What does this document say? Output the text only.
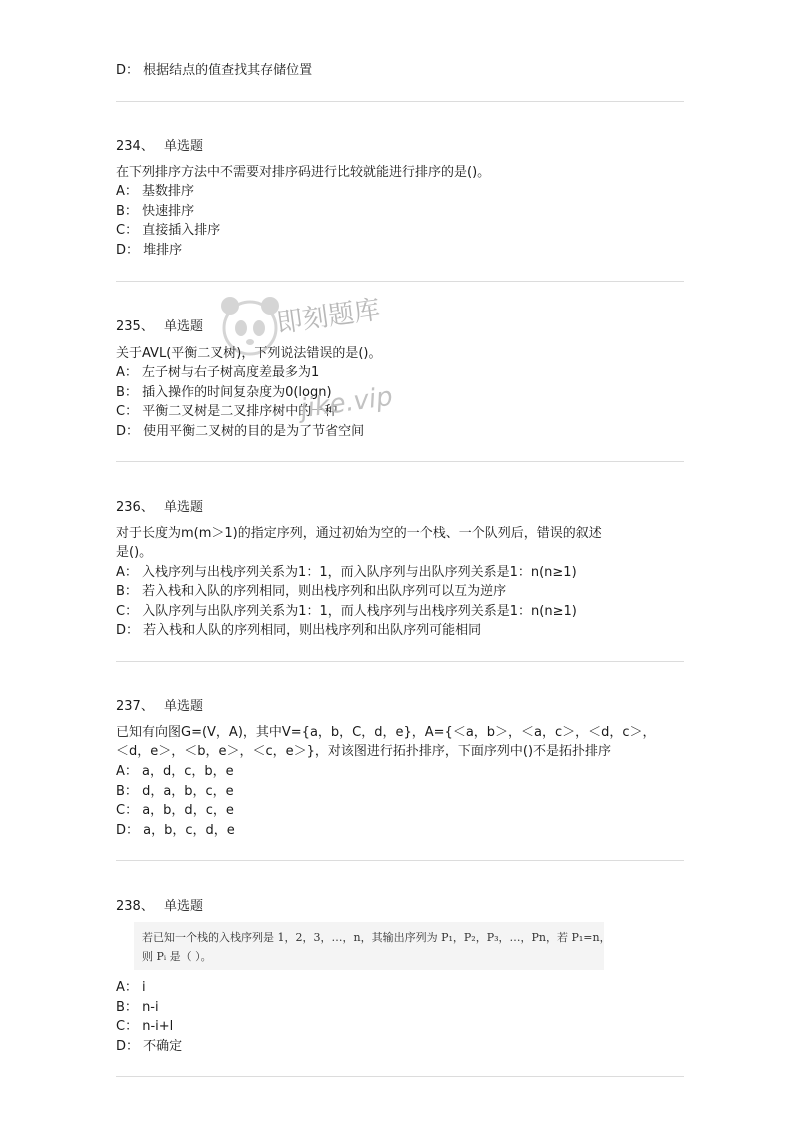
D： 根据结点的值查找其存储位置
234、 单选题
在下列排序方法中不需要对排序码进行比较就能进行排序的是()。
A： 基数排序
B： 快速排序
C： 直接插入排序
D： 堆排序
235、 单选题
关于AVL(平衡二叉树)，下列说法错误的是()。
A： 左子树与右子树高度差最多为1
B： 插入操作的时间复杂度为0(logn)
C： 平衡二叉树是二叉排序树中的一种
D： 使用平衡二叉树的目的是为了节省空间
即刻题库
jike.vip
236、 单选题
对于长度为m(m＞1)的指定序列，通过初始为空的一个栈、一个队列后，错误的叙述
是()。
A： 入栈序列与出栈序列关系为1：1，而入队序列与出队序列关系是1：n(n≥1)
B： 若入栈和入队的序列相同，则出栈序列和出队序列可以互为逆序
C： 入队序列与出队序列关系为1：1，而人栈序列与出栈序列关系是1：n(n≥1)
D： 若入栈和人队的序列相同，则出栈序列和出队序列可能相同
237、 单选题
已知有向图G=(V，A)，其中V={a，b，C，d，e}，A={＜a，b＞，＜a，c＞，＜d，c＞，
＜d，e＞，＜b，e＞，＜c，e＞}，对该图进行拓扑排序，下面序列中()不是拓扑排序
A： a，d，c，b，e
B： d，a，b，c，e
C： a，b，d，c，e
D： a，b，c，d，e
238、 单选题
若已知一个栈的入栈序列是 1，2，3，…，n，其输出序列为 P₁，P₂，P₃，…，Pn，若 P₁=n，
则 Pᵢ 是（ ）。
A： i
B： n-i
C： n-i+l
D： 不确定
